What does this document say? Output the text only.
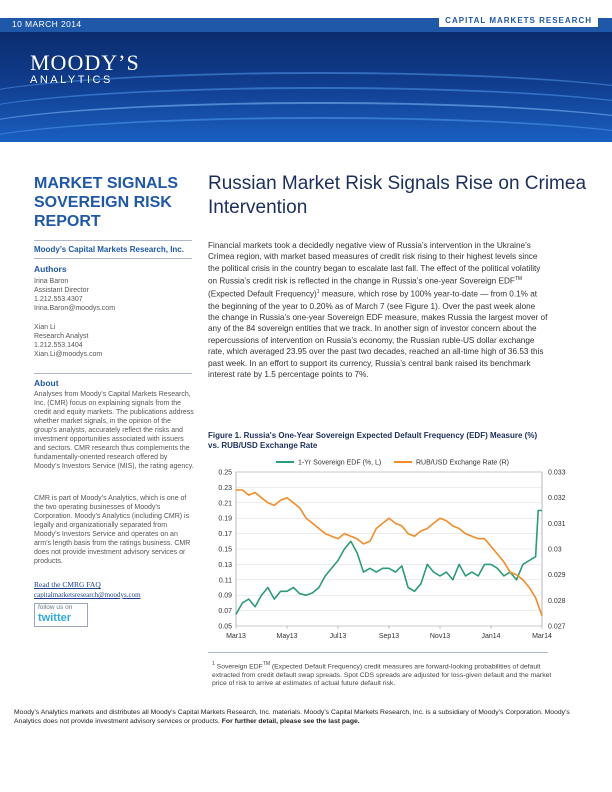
10 MARCH 2014	CAPITAL MARKETS RESEARCH
MOODY’S
ANALYTICS
MARKET SIGNALS SOVEREIGN RISK REPORT
Moody’s Capital Markets Research, Inc.
Authors
Irina Baron
Assistant Director
1.212.553.4307
Irina.Baron@moodys.com
Xian Li
Research Analyst
1.212.553.1404
Xian.Li@moodys.com
About
Analyses from Moody’s Capital Markets Research, Inc. (CMR) focus on explaining signals from the credit and equity markets. The publications address whether market signals, in the opinion of the group’s analysts, accurately reflect the risks and investment opportunities associated with issuers and sectors. CMR research thus complements the fundamentally-oriented research offered by Moody’s Investors Service (MIS), the rating agency.
CMR is part of Moody’s Analytics, which is one of the two operating businesses of Moody’s Corporation. Moody’s Analytics (including CMR) is legally and organizationally separated from Moody’s Investors Service and operates on an arm’s length basis from the ratings business. CMR does not provide investment advisory services or products.
Read the CMRG FAQ
capitalmarketsresearch@moodys.com
follow us on
twitter
Russian Market Risk Signals Rise on Crimea Intervention
Financial markets took a decidedly negative view of Russia’s intervention in the Ukraine’s Crimea region, with market based measures of credit risk rising to their highest levels since the political crisis in the country began to escalate last fall. The effect of the political volatility on Russia’s credit risk is reflected in the change in Russia’s one-year Sovereign EDF™ (Expected Default Frequency)$^1$ measure, which rose by 100% year-to-date — from 0.1% at the beginning of the year to 0.20% as of March 7 (see Figure 1). Over the past week alone the change in Russia’s one-year Sovereign EDF measure, makes Russia the largest mover of any of the 84 sovereign entities that we track. In another sign of investor concern about the repercussions of intervention on Russia’s economy, the Russian ruble-US dollar exchange rate, which averaged 23.95 over the past two decades, reached an all-time high of 36.53 this past week. In an effort to support its currency, Russia’s central bank raised its benchmark interest rate by 1.5 percentage points to 7%.
Figure 1. Russia's One-Year Sovereign Expected Default Frequency (EDF) Measure (%) vs. RUB/USD Exchange Rate
0.25
0.23
0.21
0.19
0.17
0.15
0.13
0.11
0.09
0.07
0.05
0.033
0.032
0.031
0.03
0.029
0.028
0.027
Mar13	May13	Jul13	Sep13	Nov13	Jan14	Mar14
1-Yr Sovereign EDF (%, L)	RUB/USD Exchange Rate (R)
$^1$ Sovereign EDF™ (Expected Default Frequency) credit measures are forward-looking probabilities of default extracted from credit default swap spreads. Spot CDS spreads are adjusted for loss-given default and the market price of risk to arrive at estimates of actual future default risk.
Moody’s Analytics markets and distributes all Moody’s Capital Markets Research, Inc. materials. Moody’s Capital Markets Research, Inc. is a subsidiary of Moody’s Corporation. Moody’s Analytics does not provide investment advisory services or products. For further detail, please see the last page.
